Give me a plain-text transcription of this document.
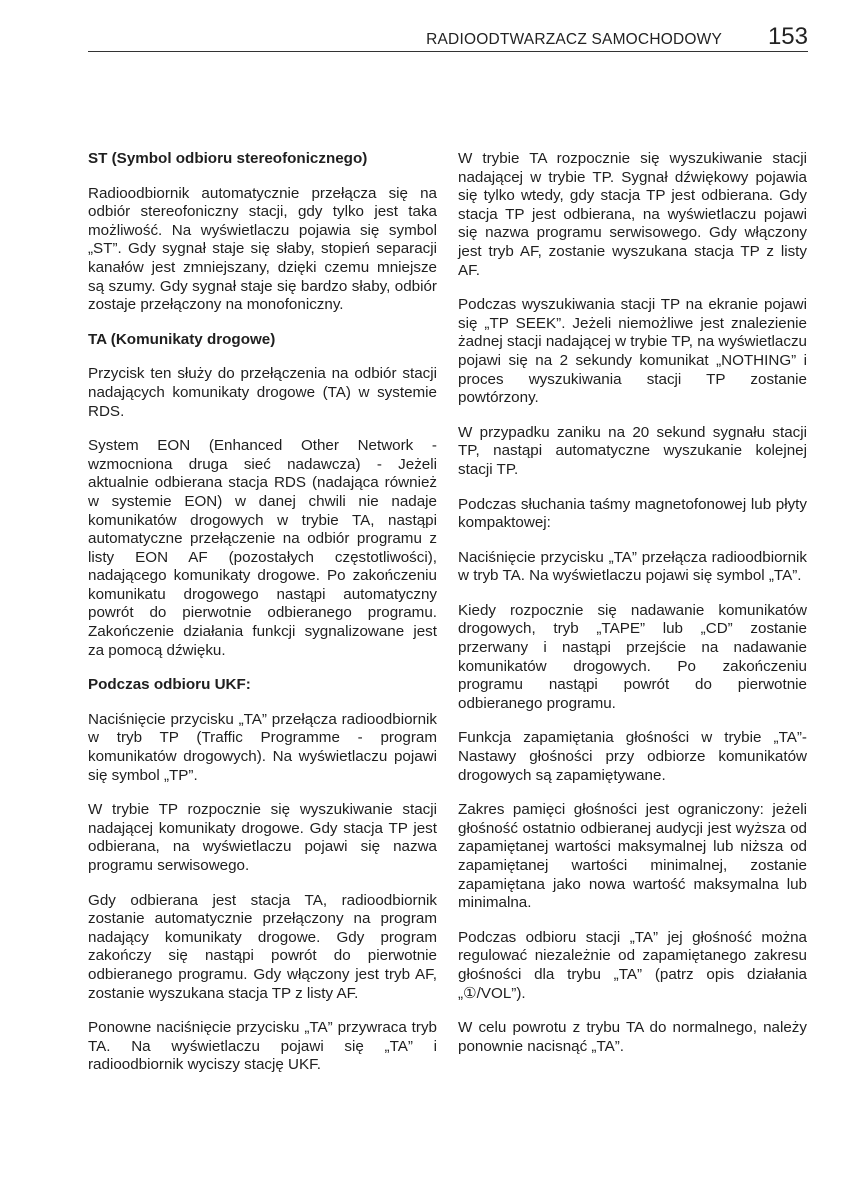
RADIOODTWARZACZ SAMOCHODOWY 153
ST (Symbol odbioru stereofonicznego)

Radioodbiornik automatycznie przełącza się na odbiór stereofoniczny stacji, gdy tylko jest taka możliwość. Na wyświetlaczu pojawia się symbol „ST”. Gdy sygnał staje się słaby, stopień separacji kanałów jest zmniejszany, dzięki czemu mniejsze są szumy. Gdy sygnał staje się bardzo słaby, odbiór zostaje przełączony na monofoniczny.

TA (Komunikaty drogowe)

Przycisk ten służy do przełączenia na odbiór stacji nadających komunikaty drogowe (TA) w systemie RDS.

System EON (Enhanced Other Network - wzmocniona druga sieć nadawcza) - Jeżeli aktualnie odbierana stacja RDS (nadająca również w systemie EON) w danej chwili nie nadaje komunikatów drogowych w trybie TA, nastąpi automatyczne przełączenie na odbiór programu z listy EON AF (pozostałych częstotliwości), nadającego komunikaty drogowe. Po zakończeniu komunikatu drogowego nastąpi automatyczny powrót do pierwotnie odbieranego programu. Zakończenie działania funkcji sygnalizowane jest za pomocą dźwięku.

Podczas odbioru UKF:

Naciśnięcie przycisku „TA” przełącza radioodbiornik w tryb TP (Traffic Programme - program komunikatów drogowych). Na wyświetlaczu pojawi się symbol „TP”.

W trybie TP rozpocznie się wyszukiwanie stacji nadającej komunikaty drogowe. Gdy stacja TP jest odbierana, na wyświetlaczu pojawi się nazwa programu serwisowego.

Gdy odbierana jest stacja TA, radioodbiornik zostanie automatycznie przełączony na program nadający komunikaty drogowe. Gdy program zakończy się nastąpi powrót do pierwotnie odbieranego programu. Gdy włączony jest tryb AF, zostanie wyszukana stacja TP z listy AF.

Ponowne naciśnięcie przycisku „TA” przywraca tryb TA. Na wyświetlaczu pojawi się „TA” i radioodbiornik wyciszy stację UKF.

W trybie TA rozpocznie się wyszukiwanie stacji nadającej w trybie TP. Sygnał dźwiękowy pojawia się tylko wtedy, gdy stacja TP jest odbierana. Gdy stacja TP jest odbierana, na wyświetlaczu pojawi się nazwa programu serwisowego. Gdy włączony jest tryb AF, zostanie wyszukana stacja TP z listy AF.

Podczas wyszukiwania stacji TP na ekranie pojawi się „TP SEEK”. Jeżeli niemożliwe jest znalezienie żadnej stacji nadającej w trybie TP, na wyświetlaczu pojawi się na 2 sekundy komunikat „NOTHING” i proces wyszukiwania stacji TP zostanie powtórzony.

W przypadku zaniku na 20 sekund sygnału stacji TP, nastąpi automatyczne wyszukanie kolejnej stacji TP.

Podczas słuchania taśmy magnetofonowej lub płyty kompaktowej:

Naciśnięcie przycisku „TA” przełącza radioodbiornik w tryb TA. Na wyświetlaczu pojawi się symbol „TA”.

Kiedy rozpocznie się nadawanie komunikatów drogowych, tryb „TAPE” lub „CD” zostanie przerwany i nastąpi przejście na nadawanie komunikatów drogowych. Po zakończeniu programu nastąpi powrót do pierwotnie odbieranego programu.

Funkcja zapamiętania głośności w trybie „TA”- Nastawy głośności przy odbiorze komunikatów drogowych są zapamiętywane.

Zakres pamięci głośności jest ograniczony: jeżeli głośność ostatnio odbieranej audycji jest wyższa od zapamiętanej wartości maksymalnej lub niższa od zapamiętanej wartości minimalnej, zostanie zapamiętana jako nowa wartość maksymalna lub minimalna.

Podczas odbioru stacji „TA” jej głośność można regulować niezależnie od zapamiętanego zakresu głośności dla trybu „TA” (patrz opis działania „①/VOL”).

W celu powrotu z trybu TA do normalnego, należy ponownie nacisnąć „TA”.
